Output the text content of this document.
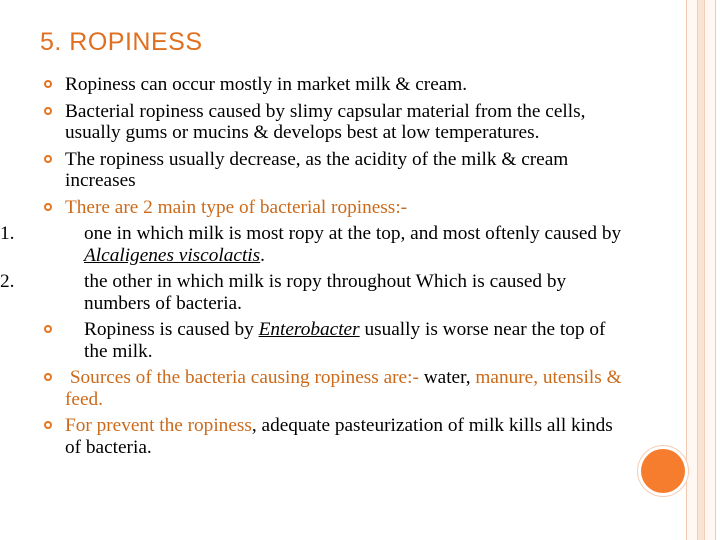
5. ROPINESS
Ropiness can occur mostly in market milk & cream.
Bacterial ropiness caused by slimy capsular material from the cells, usually gums or mucins & develops best at low temperatures.
The ropiness usually decrease, as the acidity of the milk & cream increases
There are 2 main type of bacterial ropiness:-
1.	one in which milk is most ropy at the top, and most oftenly caused by Alcaligenes viscolactis.
2.	the other in which milk is ropy throughout Which is caused by numbers of bacteria.
Ropiness is caused by Enterobacter usually is worse near the top of the milk.
Sources of the bacteria causing ropiness are:- water, manure, utensils & feed.
For prevent the ropiness, adequate pasteurization of milk kills all kinds of bacteria.
